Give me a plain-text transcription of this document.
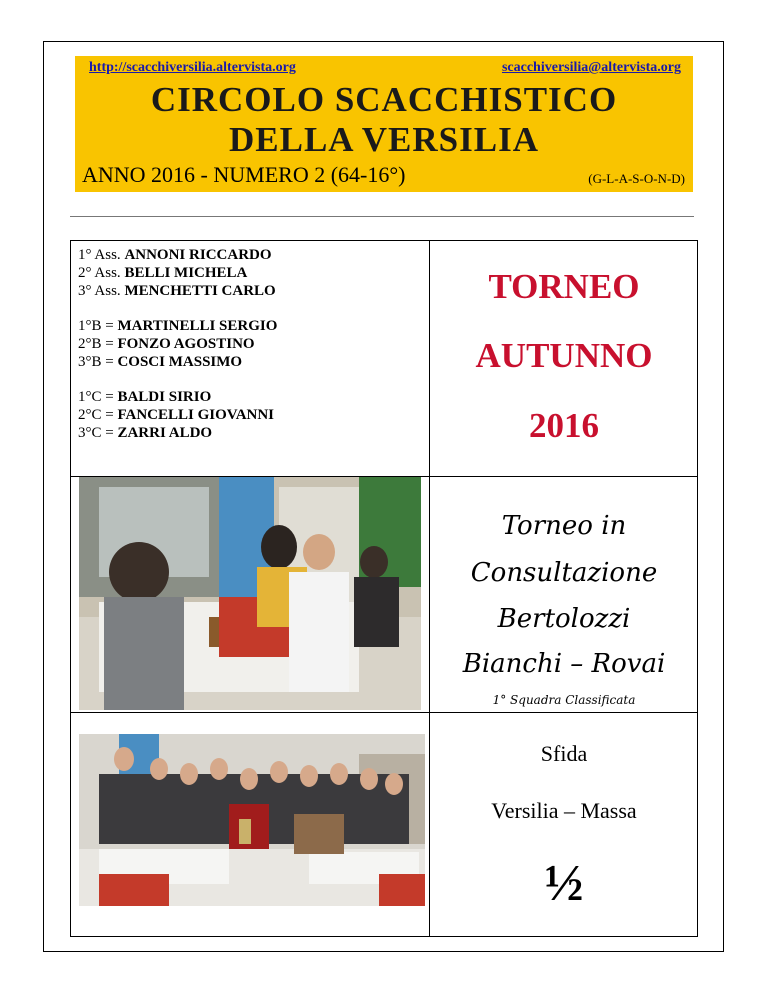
http://scacchiversilia.altervista.org	scacchiversilia@altervista.org
CIRCOLO SCACCHISTICO
DELLA VERSILIA
ANNO 2016 - NUMERO 2 (64-16°)	(G-L-A-S-O-N-D)
1° Ass. ANNONI RICCARDO
2° Ass. BELLI MICHELA
3° Ass. MENCHETTI CARLO
1°B = MARTINELLI SERGIO
2°B = FONZO AGOSTINO
3°B = COSCI MASSIMO
1°C = BALDI SIRIO
2°C = FANCELLI GIOVANNI
3°C = ZARRI ALDO
TORNEO
AUTUNNO
2016
Torneo in
Consultazione
Bertolozzi
Bianchi – Rovai
1° Squadra Classificata
Sfida
Versilia – Massa
½
